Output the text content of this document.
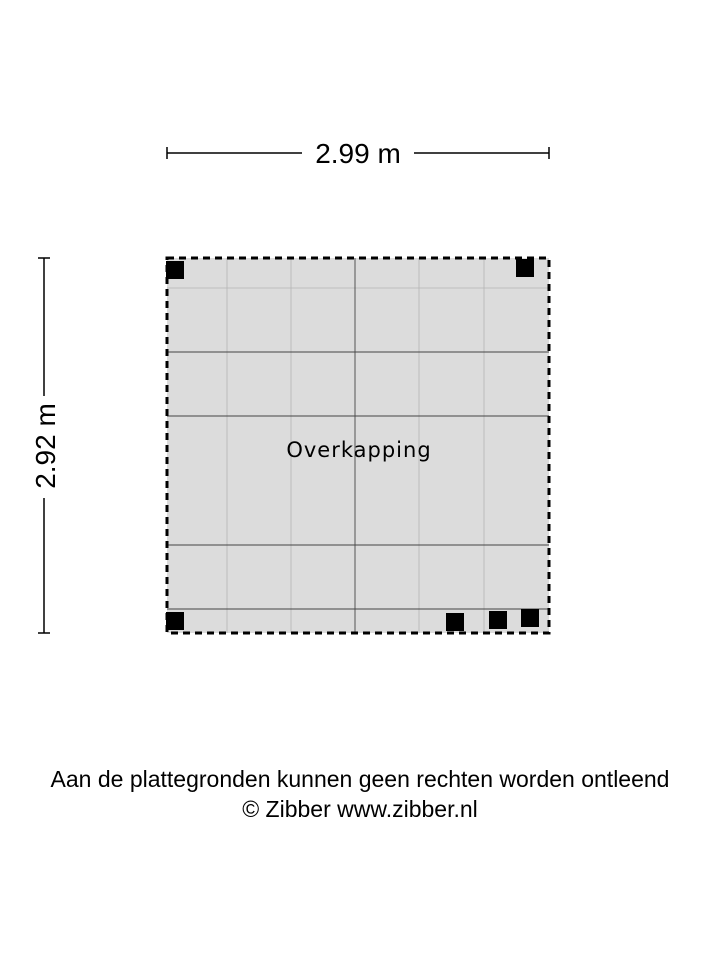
2.99 m
2.92 m	Overkapping
Aan de plattegronden kunnen geen rechten worden ontleend
© Zibber www.zibber.nl
